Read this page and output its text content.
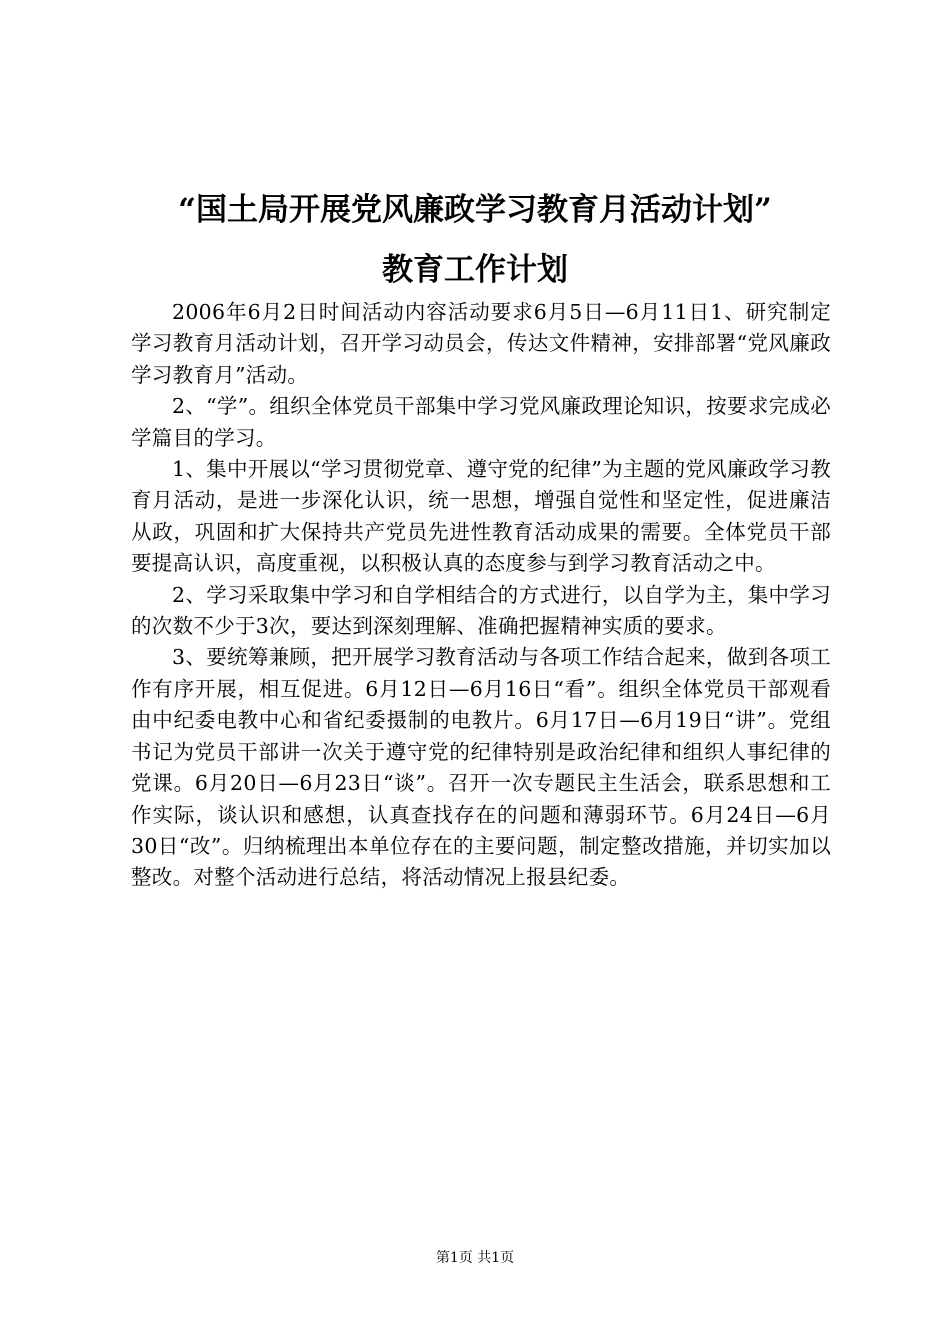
“国土局开展党风廉政学习教育月活动计划”
教育工作计划

2006年6月2日时间活动内容活动要求6月5日—6月11日1、研究制定学习教育月活动计划，召开学习动员会，传达文件精神，安排部署“党风廉政学习教育月”活动。

2、“学”。组织全体党员干部集中学习党风廉政理论知识，按要求完成必学篇目的学习。

1、集中开展以“学习贯彻党章、遵守党的纪律”为主题的党风廉政学习教育月活动，是进一步深化认识，统一思想，增强自觉性和坚定性，促进廉洁从政，巩固和扩大保持共产党员先进性教育活动成果的需要。全体党员干部要提高认识，高度重视，以积极认真的态度参与到学习教育活动之中。

2、学习采取集中学习和自学相结合的方式进行，以自学为主，集中学习的次数不少于3次，要达到深刻理解、准确把握精神实质的要求。

3、要统筹兼顾，把开展学习教育活动与各项工作结合起来，做到各项工作有序开展，相互促进。6月12日—6月16日“看”。组织全体党员干部观看由中纪委电教中心和省纪委摄制的电教片。6月17日—6月19日“讲”。党组书记为党员干部讲一次关于遵守党的纪律特别是政治纪律和组织人事纪律的党课。6月20日—6月23日“谈”。召开一次专题民主生活会，联系思想和工作实际，谈认识和感想，认真查找存在的问题和薄弱环节。6月24日—6月30日“改”。归纳梳理出本单位存在的主要问题，制定整改措施，并切实加以整改。对整个活动进行总结，将活动情况上报县纪委。

第1页 共1页
